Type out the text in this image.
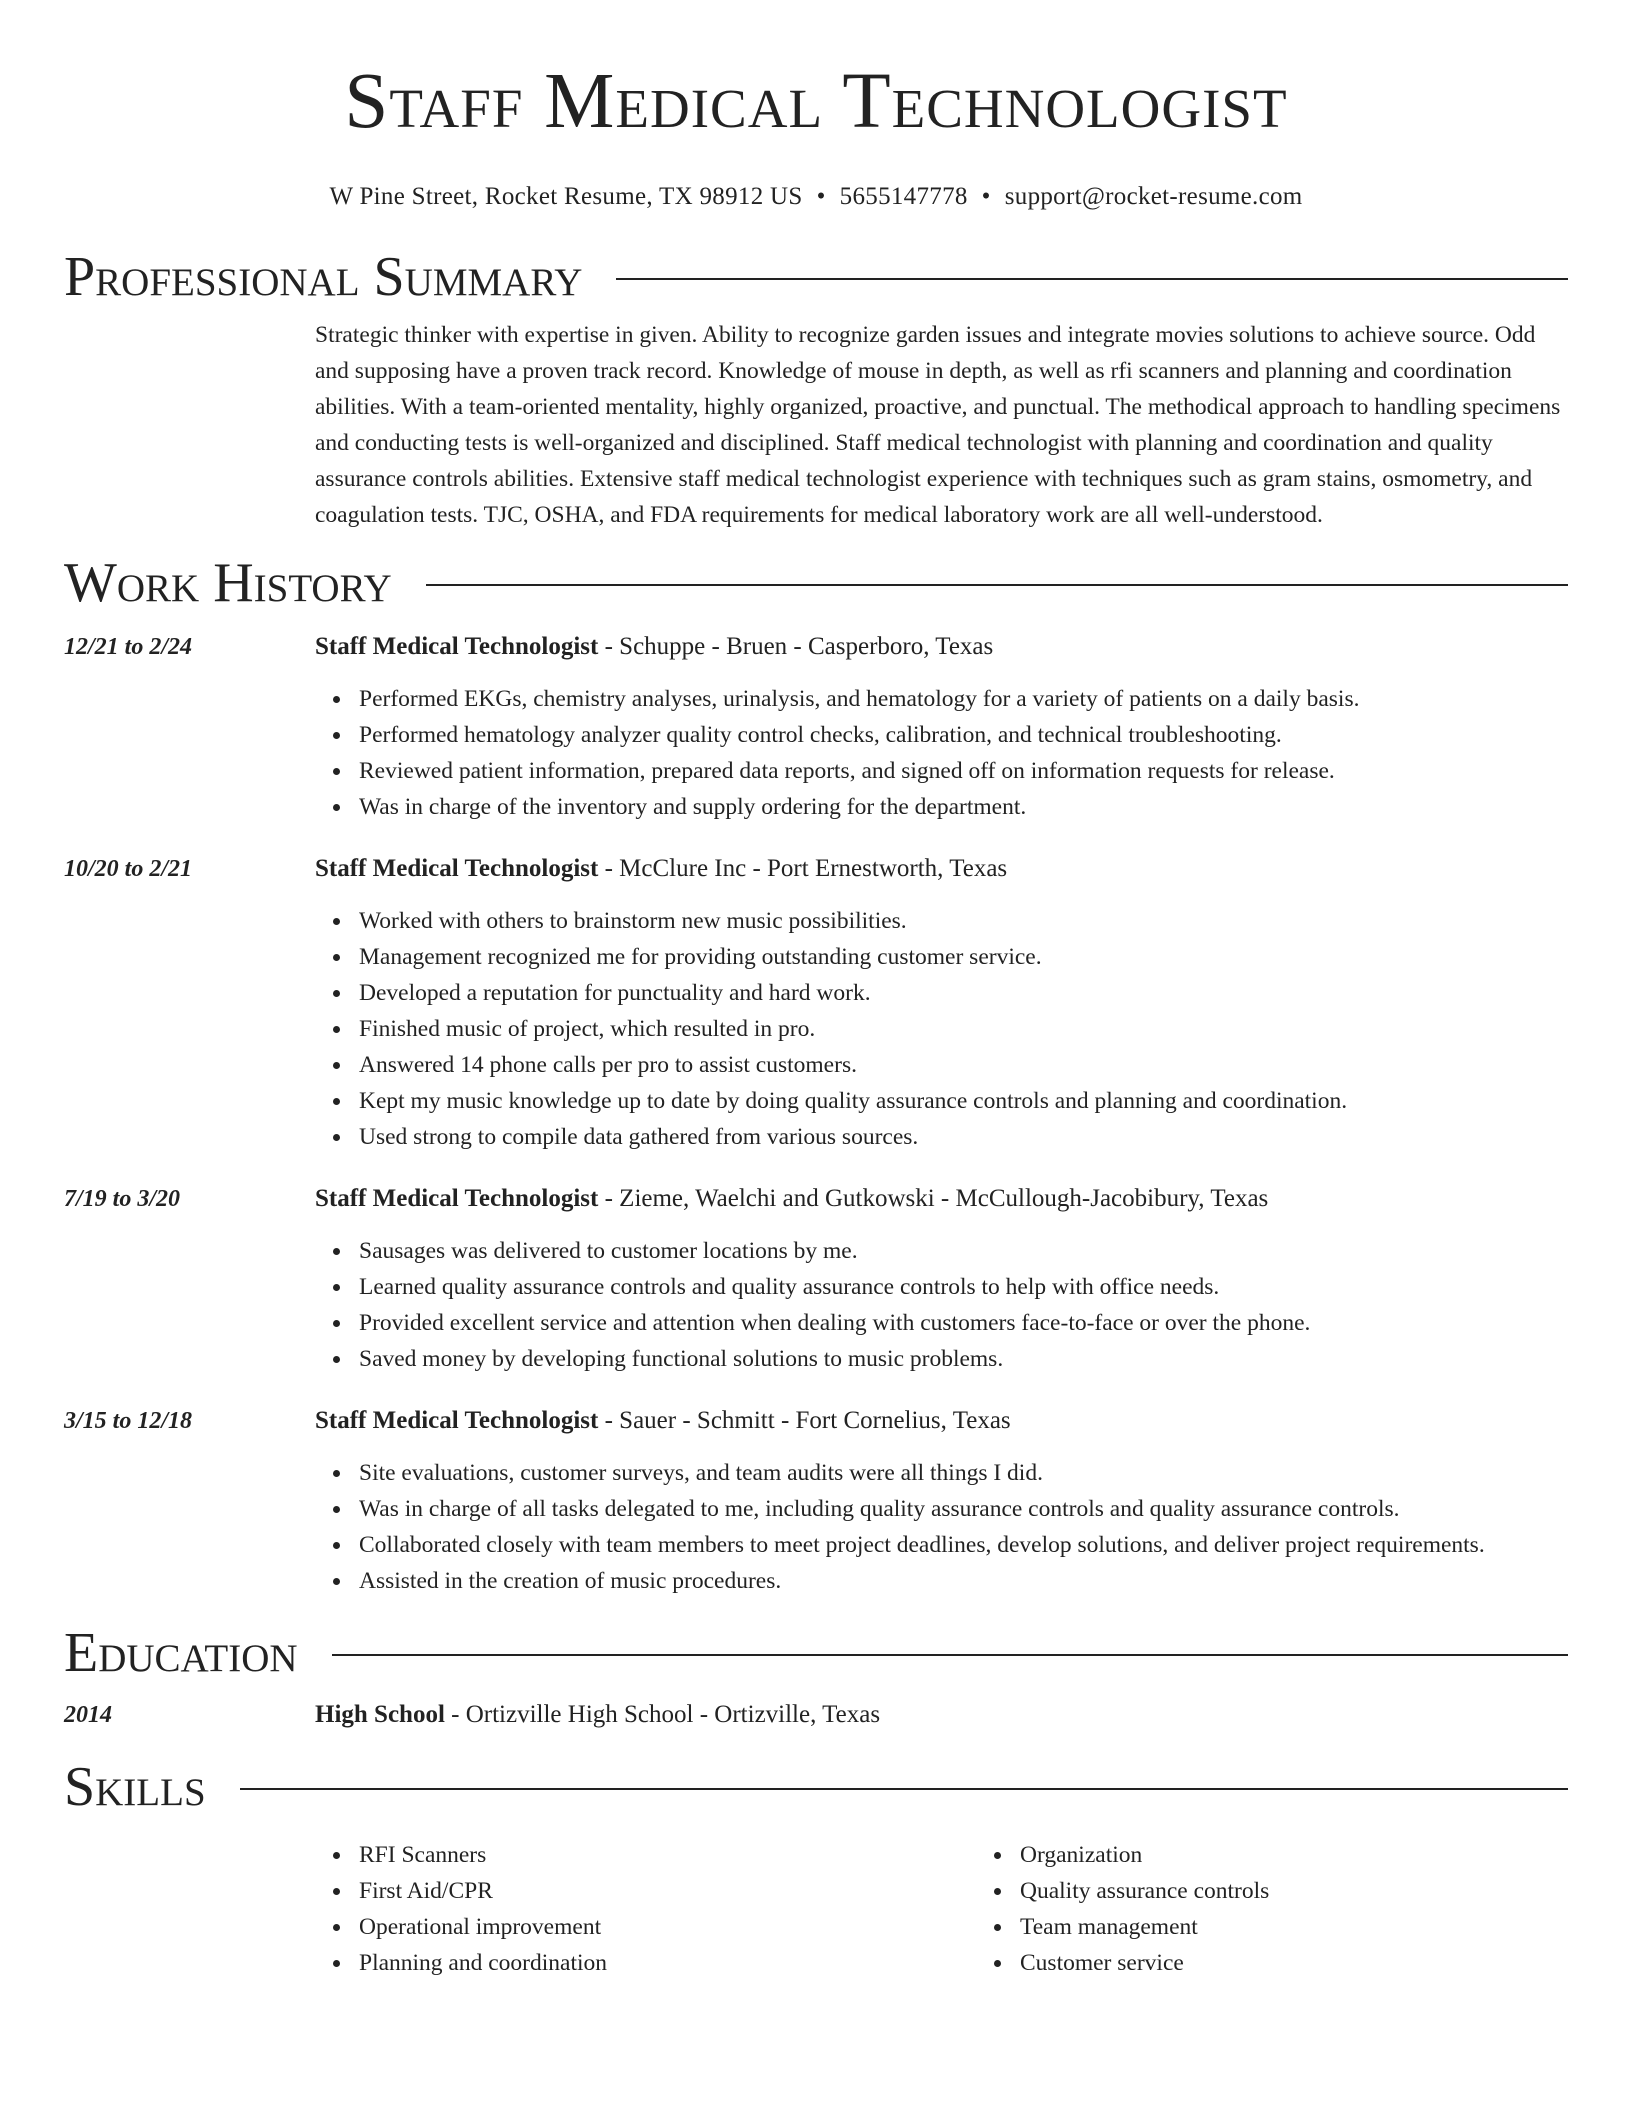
Staff Medical Technologist
W Pine Street, Rocket Resume, TX 98912 US • 5655147778 • support@rocket-resume.com
Professional Summary

Strategic thinker with expertise in given. Ability to recognize garden issues and integrate movies solutions to achieve source. Odd and supposing have a proven track record. Knowledge of mouse in depth, as well as rfi scanners and planning and coordination abilities. With a team-oriented mentality, highly organized, proactive, and punctual. The methodical approach to handling specimens and conducting tests is well-organized and disciplined. Staff medical technologist with planning and coordination and quality assurance controls abilities. Extensive staff medical technologist experience with techniques such as gram stains, osmometry, and coagulation tests. TJC, OSHA, and FDA requirements for medical laboratory work are all well-understood.

Work History
12/21 to 2/24	Staff Medical Technologist - Schuppe - Bruen - Casperboro, Texas
Performed EKGs, chemistry analyses, urinalysis, and hematology for a variety of patients on a daily basis.
Performed hematology analyzer quality control checks, calibration, and technical troubleshooting.
Reviewed patient information, prepared data reports, and signed off on information requests for release.
Was in charge of the inventory and supply ordering for the department.
10/20 to 2/21	Staff Medical Technologist - McClure Inc - Port Ernestworth, Texas
Worked with others to brainstorm new music possibilities.
Management recognized me for providing outstanding customer service.
Developed a reputation for punctuality and hard work.
Finished music of project, which resulted in pro.
Answered 14 phone calls per pro to assist customers.
Kept my music knowledge up to date by doing quality assurance controls and planning and coordination.
Used strong to compile data gathered from various sources.
7/19 to 3/20	Staff Medical Technologist - Zieme, Waelchi and Gutkowski - McCullough-Jacobibury, Texas
Sausages was delivered to customer locations by me.
Learned quality assurance controls and quality assurance controls to help with office needs.
Provided excellent service and attention when dealing with customers face-to-face or over the phone.
Saved money by developing functional solutions to music problems.
3/15 to 12/18	Staff Medical Technologist - Sauer - Schmitt - Fort Cornelius, Texas
Site evaluations, customer surveys, and team audits were all things I did.
Was in charge of all tasks delegated to me, including quality assurance controls and quality assurance controls.
Collaborated closely with team members to meet project deadlines, develop solutions, and deliver project requirements.
Assisted in the creation of music procedures.
Education
2014	High School - Ortizville High School - Ortizville, Texas
Skills
RFI Scanners
First Aid/CPR
Operational improvement
Planning and coordination
Organization
Quality assurance controls
Team management
Customer service
